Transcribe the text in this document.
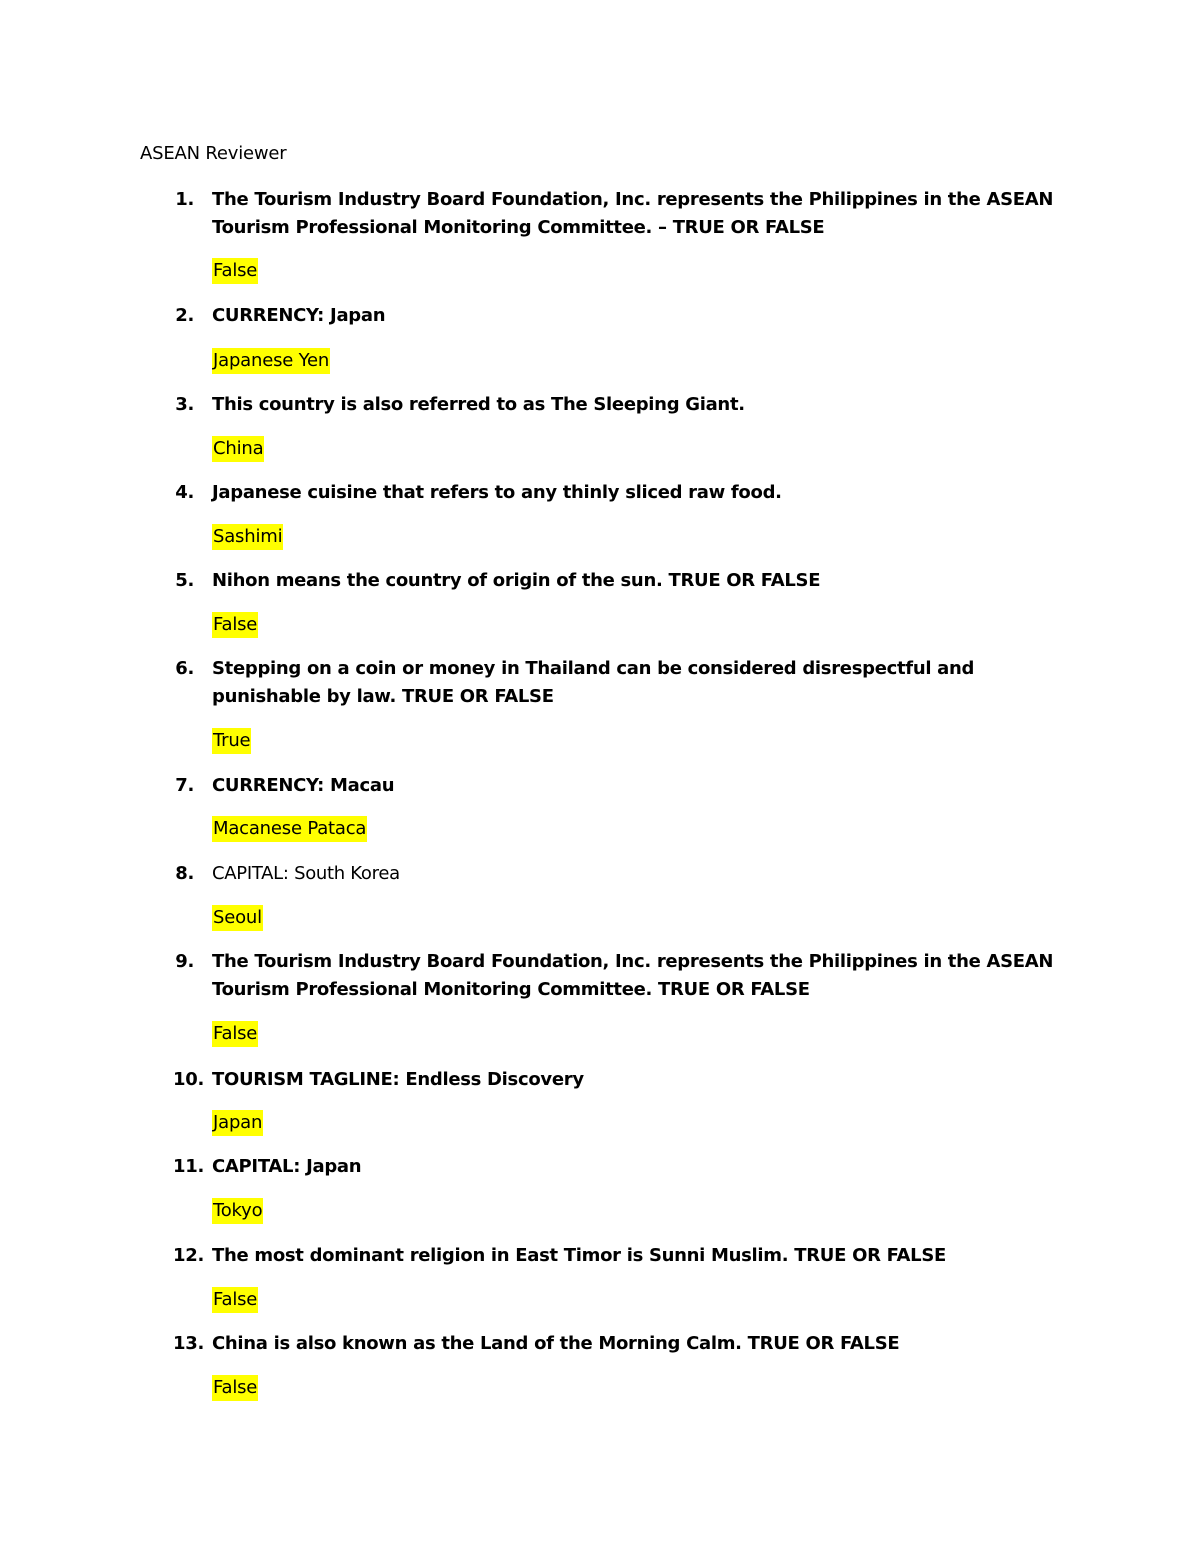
ASEAN Reviewer
1. The Tourism Industry Board Foundation, Inc. represents the Philippines in the ASEAN Tourism Professional Monitoring Committee. – TRUE OR FALSE
False
2. CURRENCY: Japan
Japanese Yen
3. This country is also referred to as The Sleeping Giant.
China
4. Japanese cuisine that refers to any thinly sliced raw food.
Sashimi
5. Nihon means the country of origin of the sun. TRUE OR FALSE
False
6. Stepping on a coin or money in Thailand can be considered disrespectful and punishable by law. TRUE OR FALSE
True
7. CURRENCY: Macau
Macanese Pataca
8. CAPITAL: South Korea
Seoul
9. The Tourism Industry Board Foundation, Inc. represents the Philippines in the ASEAN Tourism Professional Monitoring Committee. TRUE OR FALSE
False
10. TOURISM TAGLINE: Endless Discovery
Japan
11. CAPITAL: Japan
Tokyo
12. The most dominant religion in East Timor is Sunni Muslim. TRUE OR FALSE
False
13. China is also known as the Land of the Morning Calm. TRUE OR FALSE
False
